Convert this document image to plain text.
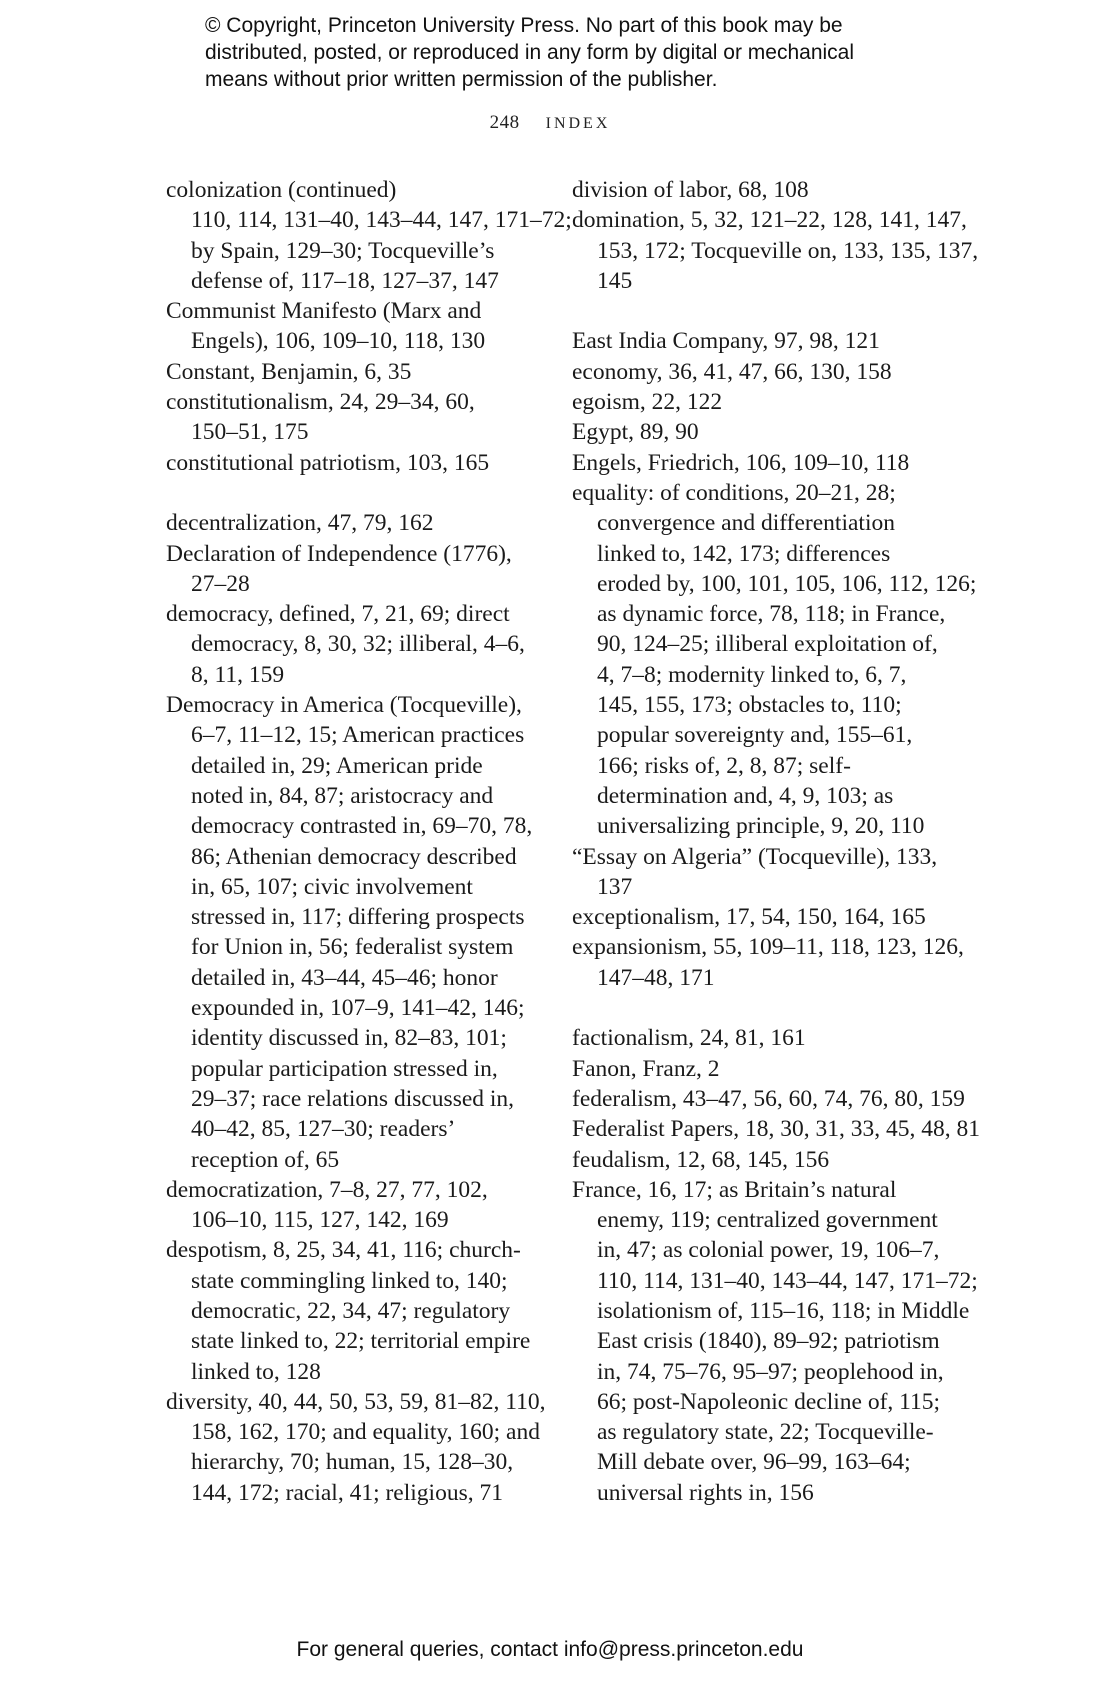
© Copyright, Princeton University Press. No part of this book may be
distributed, posted, or reproduced in any form by digital or mechanical
means without prior written permission of the publisher.
248 INDEX
colonization (continued)
110, 114, 131–40, 143–44, 147, 171–72;
by Spain, 129–30; Tocqueville’s
defense of, 117–18, 127–37, 147
Communist Manifesto (Marx and
Engels), 106, 109–10, 118, 130
Constant, Benjamin, 6, 35
constitutionalism, 24, 29–34, 60,
150–51, 175
constitutional patriotism, 103, 165
decentralization, 47, 79, 162
Declaration of Independence (1776),
27–28
democracy, defined, 7, 21, 69; direct
democracy, 8, 30, 32; illiberal, 4–6,
8, 11, 159
Democracy in America (Tocqueville),
6–7, 11–12, 15; American practices
detailed in, 29; American pride
noted in, 84, 87; aristocracy and
democracy contrasted in, 69–70, 78,
86; Athenian democracy described
in, 65, 107; civic involvement
stressed in, 117; differing prospects
for Union in, 56; federalist system
detailed in, 43–44, 45–46; honor
expounded in, 107–9, 141–42, 146;
identity discussed in, 82–83, 101;
popular participation stressed in,
29–37; race relations discussed in,
40–42, 85, 127–30; readers’
reception of, 65
democratization, 7–8, 27, 77, 102,
106–10, 115, 127, 142, 169
despotism, 8, 25, 34, 41, 116; church-
state commingling linked to, 140;
democratic, 22, 34, 47; regulatory
state linked to, 22; territorial empire
linked to, 128
diversity, 40, 44, 50, 53, 59, 81–82, 110,
158, 162, 170; and equality, 160; and
hierarchy, 70; human, 15, 128–30,
144, 172; racial, 41; religious, 71
division of labor, 68, 108
domination, 5, 32, 121–22, 128, 141, 147,
153, 172; Tocqueville on, 133, 135, 137,
145
East India Company, 97, 98, 121
economy, 36, 41, 47, 66, 130, 158
egoism, 22, 122
Egypt, 89, 90
Engels, Friedrich, 106, 109–10, 118
equality: of conditions, 20–21, 28;
convergence and differentiation
linked to, 142, 173; differences
eroded by, 100, 101, 105, 106, 112, 126;
as dynamic force, 78, 118; in France,
90, 124–25; illiberal exploitation of,
4, 7–8; modernity linked to, 6, 7,
145, 155, 173; obstacles to, 110;
popular sovereignty and, 155–61,
166; risks of, 2, 8, 87; self-
determination and, 4, 9, 103; as
universalizing principle, 9, 20, 110
“Essay on Algeria” (Tocqueville), 133,
137
exceptionalism, 17, 54, 150, 164, 165
expansionism, 55, 109–11, 118, 123, 126,
147–48, 171
factionalism, 24, 81, 161
Fanon, Franz, 2
federalism, 43–47, 56, 60, 74, 76, 80, 159
Federalist Papers, 18, 30, 31, 33, 45, 48, 81
feudalism, 12, 68, 145, 156
France, 16, 17; as Britain’s natural
enemy, 119; centralized government
in, 47; as colonial power, 19, 106–7,
110, 114, 131–40, 143–44, 147, 171–72;
isolationism of, 115–16, 118; in Middle
East crisis (1840), 89–92; patriotism
in, 74, 75–76, 95–97; peoplehood in,
66; post-Napoleonic decline of, 115;
as regulatory state, 22; Tocqueville-
Mill debate over, 96–99, 163–64;
universal rights in, 156
For general queries, contact info@press.princeton.edu
